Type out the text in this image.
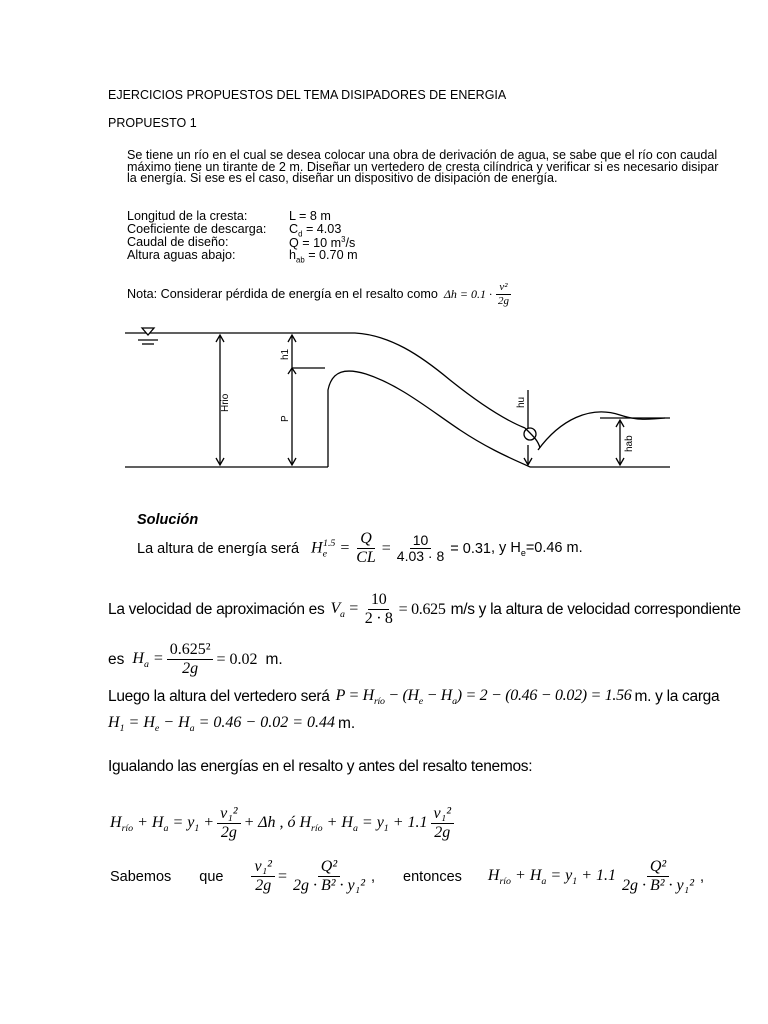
EJERCICIOS PROPUESTOS DEL TEMA DISIPADORES DE ENERGIA
PROPUESTO 1
Se tiene un río en el cual se desea colocar una obra de derivación de agua, se sabe que el río con caudal máximo tiene un tirante de 2 m. Diseñar un vertedero de cresta cilíndrica y verificar si es necesario disipar la energía. Si ese es el caso, diseñar un dispositivo de disipación de energía.
Longitud de la cresta:	L = 8 m
Coeficiente de descarga: $C_d = 4.03$
Caudal de diseño:	Q = 10 $m^3/s$
Altura aguas abajo:	$h_{ab} = 0.70$ m
Nota: Considerar pérdida de energía en el resalto como $\Delta h = 0.1 \cdot \frac{\text{v²}}{2g}$
Hrio
h1
P
hu
hab
Solución
La altura de energía será $H_e^{1.5} = \frac{Q}{CL} = \frac{10}{4.03 \cdot 8} = 0.31$ , y $H_e=0.46$ m.
La velocidad de aproximación es $V_a = \frac{10}{2 \cdot 8} = 0.625$ m/s y la altura de velocidad correspondiente
es $H_a = \frac{\text{0.625²}}{2g} = 0.02$ m.
Luego la altura del vertedero será $P = H_{río} - (H_e - H_a) = 2 - (0.46 - 0.02) = 1.56$ m. y la carga
$H_1 = H_e - H_a = 0.46 - 0.02 = 0.44$ m.
Igualando las energías en el resalto y antes del resalto tenemos:
$H_{río} + H_a = y_1 + \frac{\text{v₁²}}{2g} + \Delta h$ , ó $H_{río} + H_a = y_1 + 1.1 \frac{\text{v₁²}}{2g}$
Sabemos que $\frac{\text{v₁²}}{2g} = \frac{\text{Q²}}{\text{2g · B² · y₁²}}$ , entonces $H_{río} + H_a = y_1 + 1.1 \frac{\text{Q²}}{\text{2g · B² · y₁²}}$ ,
